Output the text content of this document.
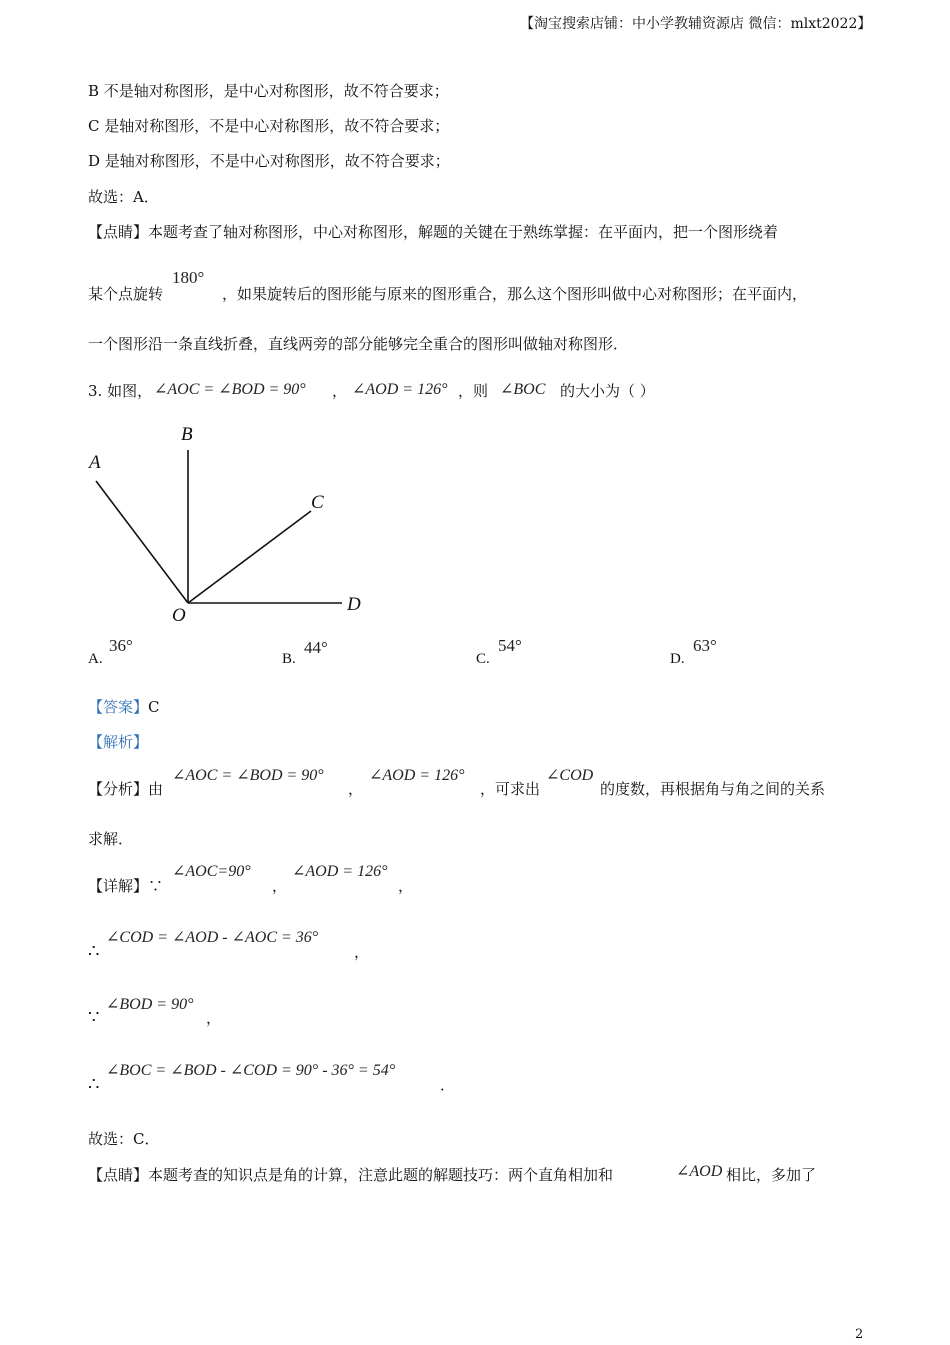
【淘宝搜索店铺：中小学教辅资源店 微信：mlxt2022】
B 不是轴对称图形，是中心对称图形，故不符合要求；
C 是轴对称图形，不是中心对称图形，故不符合要求；
D 是轴对称图形，不是中心对称图形，故不符合要求；
故选：A．
【点睛】本题考查了轴对称图形，中心对称图形，解题的关键在于熟练掌握：在平面内，把一个图形绕着
某个点旋转
180°
，如果旋转后的图形能与原来的图形重合，那么这个图形叫做中心对称图形；在平面内，
一个图形沿一条直线折叠，直线两旁的部分能够完全重合的图形叫做轴对称图形．
3. 如图， ∠AOC = ∠BOD = 90° ， ∠AOD = 126° ，则 ∠BOC 的大小为（ ）
A
B
C
D
O
A.
36°
B.
44°
C.
54°
D.
63°
【答案】C
【解析】
【分析】由
∠AOC = ∠BOD = 90°
，
∠AOD = 126°
，可求出
∠COD
的度数，再根据角与角之间的关系
求解．
【详解】∵
∠AOC=90°
，
∠AOD = 126°
，
∴
∠COD = ∠AOD - ∠AOC = 36°
，
∵
∠BOD = 90°
，
∴
∠BOC = ∠BOD - ∠COD = 90° - 36° = 54°
．
故选：C．
【点睛】本题考查的知识点是角的计算，注意此题的解题技巧：两个直角相加和	∠AOD 相比，多加了
2
